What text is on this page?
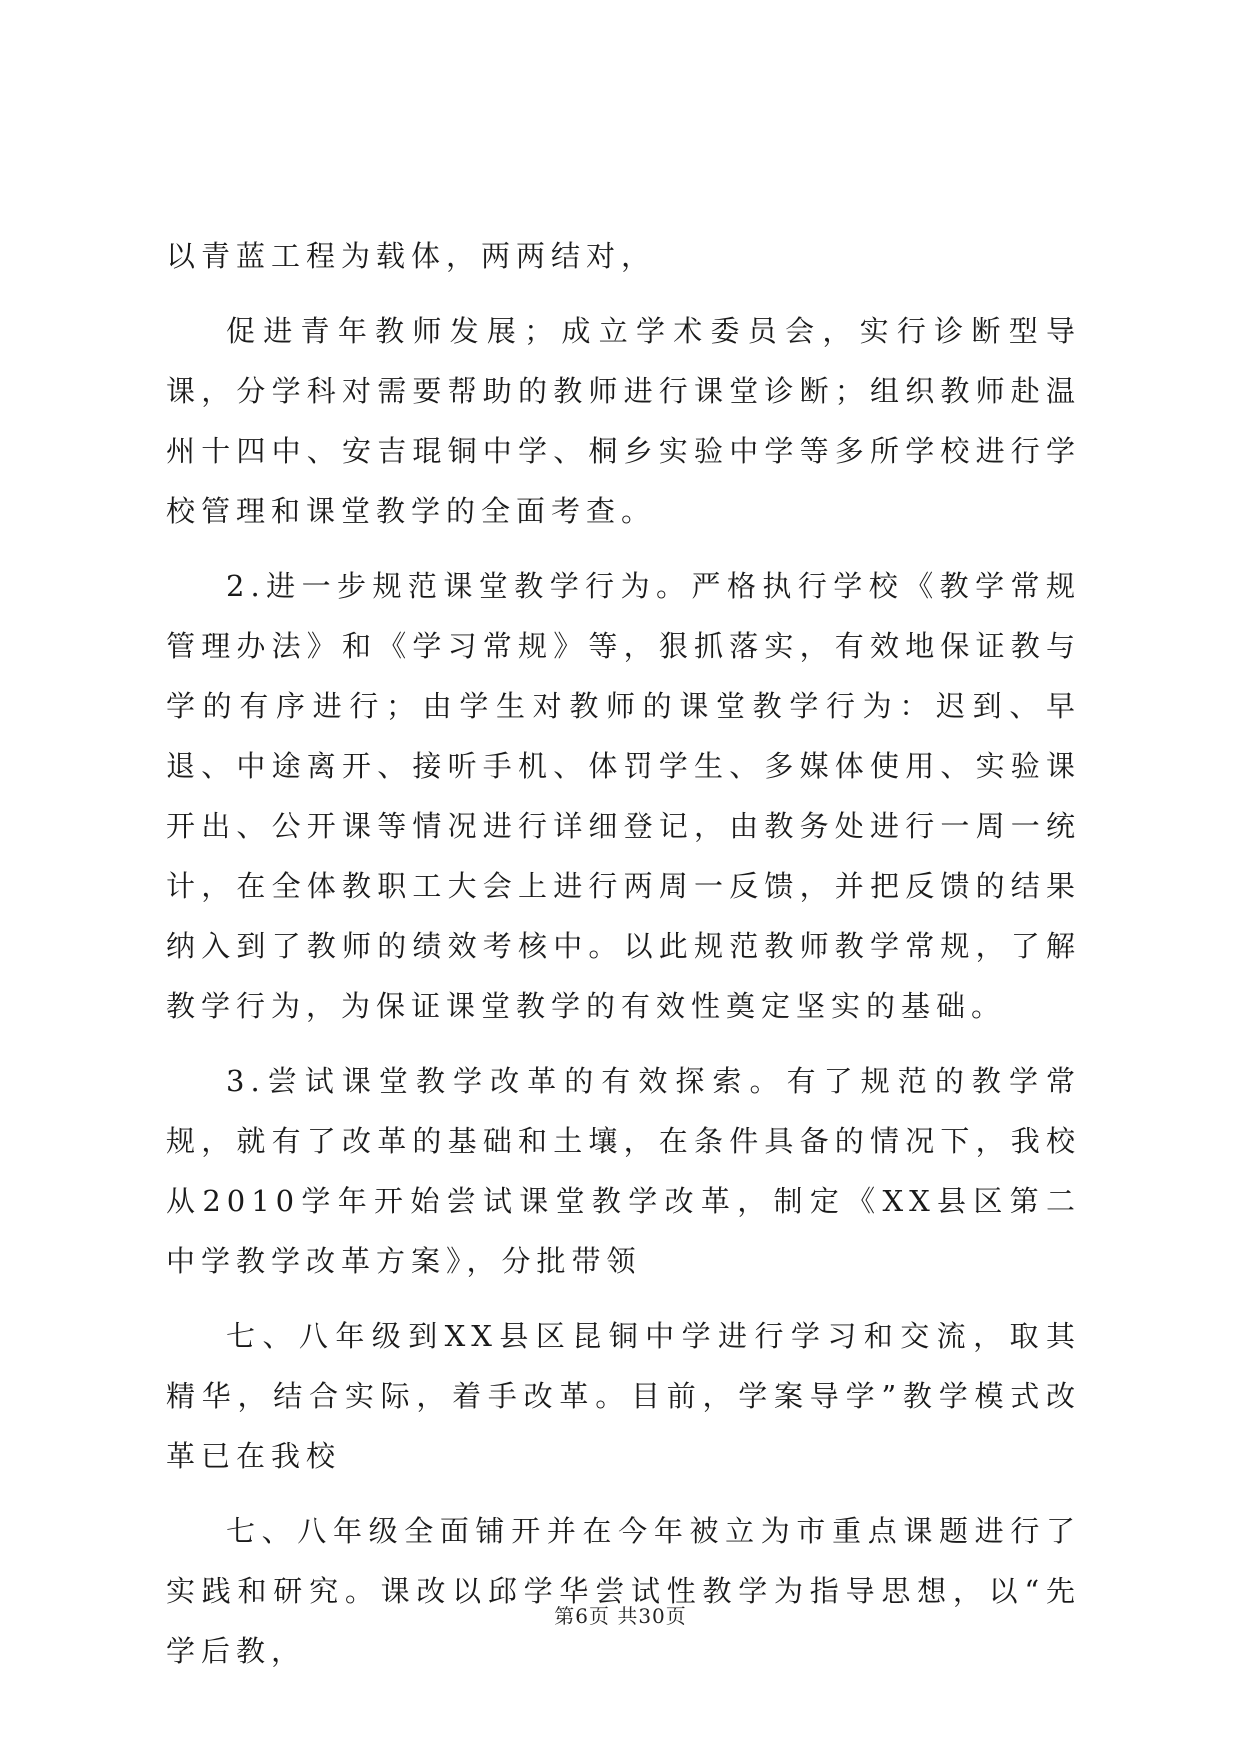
以青蓝工程为载体，两两结对，

促进青年教师发展；成立学术委员会，实行诊断型导课，分学科对需要帮助的教师进行课堂诊断；组织教师赴温州十四中、安吉琨铜中学、桐乡实验中学等多所学校进行学校管理和课堂教学的全面考查。

2.进一步规范课堂教学行为。严格执行学校《教学常规管理办法》和《学习常规》等，狠抓落实，有效地保证教与学的有序进行；由学生对教师的课堂教学行为：迟到、早退、中途离开、接听手机、体罚学生、多媒体使用、实验课开出、公开课等情况进行详细登记，由教务处进行一周一统计，在全体教职工大会上进行两周一反馈，并把反馈的结果纳入到了教师的绩效考核中。以此规范教师教学常规，了解教学行为，为保证课堂教学的有效性奠定坚实的基础。

3.尝试课堂教学改革的有效探索。有了规范的教学常规，就有了改革的基础和土壤，在条件具备的情况下，我校从2010学年开始尝试课堂教学改革，制定《XX县区第二中学教学改革方案》，分批带领

七、八年级到XX县区昆铜中学进行学习和交流，取其精华，结合实际，着手改革。目前，学案导学”教学模式改革已在我校

七、八年级全面铺开并在今年被立为市重点课题进行了实践和研究。课改以邱学华尝试性教学为指导思想，以“先学后教，

第6页 共30页
